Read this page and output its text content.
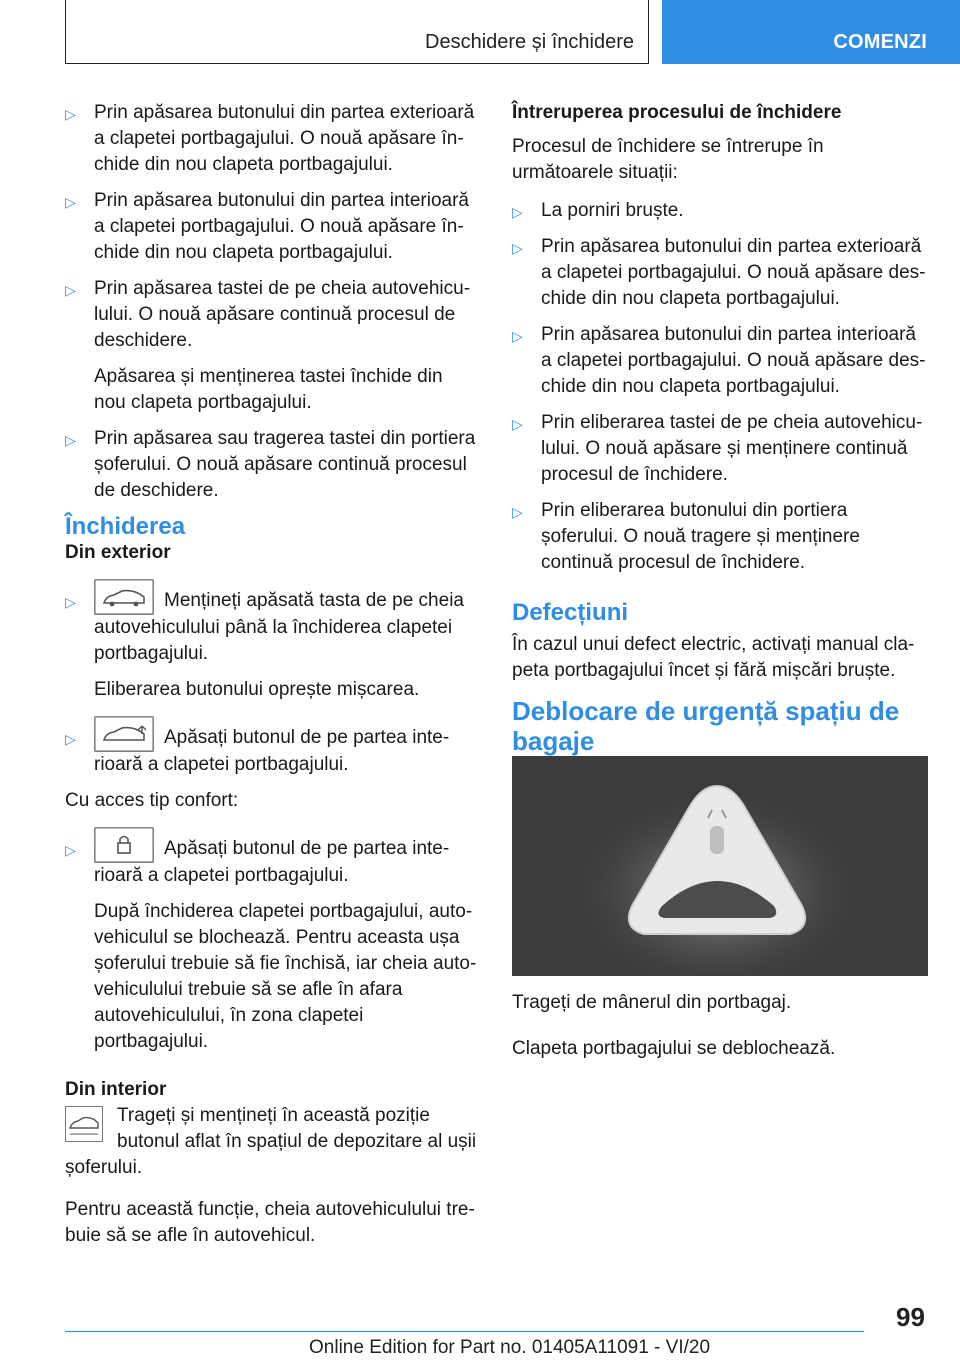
Deschidere și închidere	COMENZI
▷ Prin apăsarea butonului din partea exterioară a clapetei portbagajului. O nouă apăsare închide din nou clapeta portbagajului.

▷ Prin apăsarea butonului din partea interioară a clapetei portbagajului. O nouă apăsare închide din nou clapeta portbagajului.

▷ Prin apăsarea tastei de pe cheia autovehiculului. O nouă apăsare continuă procesul de deschidere.

Apăsarea și menținerea tastei închide din nou clapeta portbagajului.

▷ Prin apăsarea sau tragerea tastei din portiera șoferului. O nouă apăsare continuă procesul de deschidere.

Închiderea

Din exterior

▷	Mențineți apăsată tasta de pe cheia autovehiculului până la închiderea clapetei portbagajului.

Eliberarea butonului oprește mișcarea.

▷	Apăsați butonul de pe partea interioară a clapetei portbagajului.

Cu acces tip confort:

▷	Apăsați butonul de pe partea interioară a clapetei portbagajului.

După închiderea clapetei portbagajului, autovehiculul se blochează. Pentru aceasta ușa șoferului trebuie să fie închisă, iar cheia autovehiculului trebuie să se afle în afara autovehiculului, în zona clapetei portbagajului.

Din interior

Trageți și mențineți în această poziție butonul aflat în spațiul de depozitare al ușii șoferului.

Pentru această funcție, cheia autovehiculului trebuie să se afle în autovehicul.

Întreruperea procesului de închidere

Procesul de închidere se întrerupe în următoarele situații:

▷ La porniri bruște.

▷ Prin apăsarea butonului din partea exterioară a clapetei portbagajului. O nouă apăsare deschide din nou clapeta portbagajului.

▷ Prin apăsarea butonului din partea interioară a clapetei portbagajului. O nouă apăsare deschide din nou clapeta portbagajului.

▷ Prin eliberarea tastei de pe cheia autovehiculului. O nouă apăsare și menținere continuă procesul de închidere.

▷ Prin eliberarea butonului din portiera șoferului. O nouă tragere și menținere continuă procesul de închidere.

Defecțiuni

În cazul unui defect electric, activați manual clapeta portbagajului încet și fără mișcări bruște.

Deblocare de urgență spațiu de bagaje

Trageți de mânerul din portbagaj.

Clapeta portbagajului se deblochează.

99
Online Edition for Part no. 01405A11091 - VI/20
